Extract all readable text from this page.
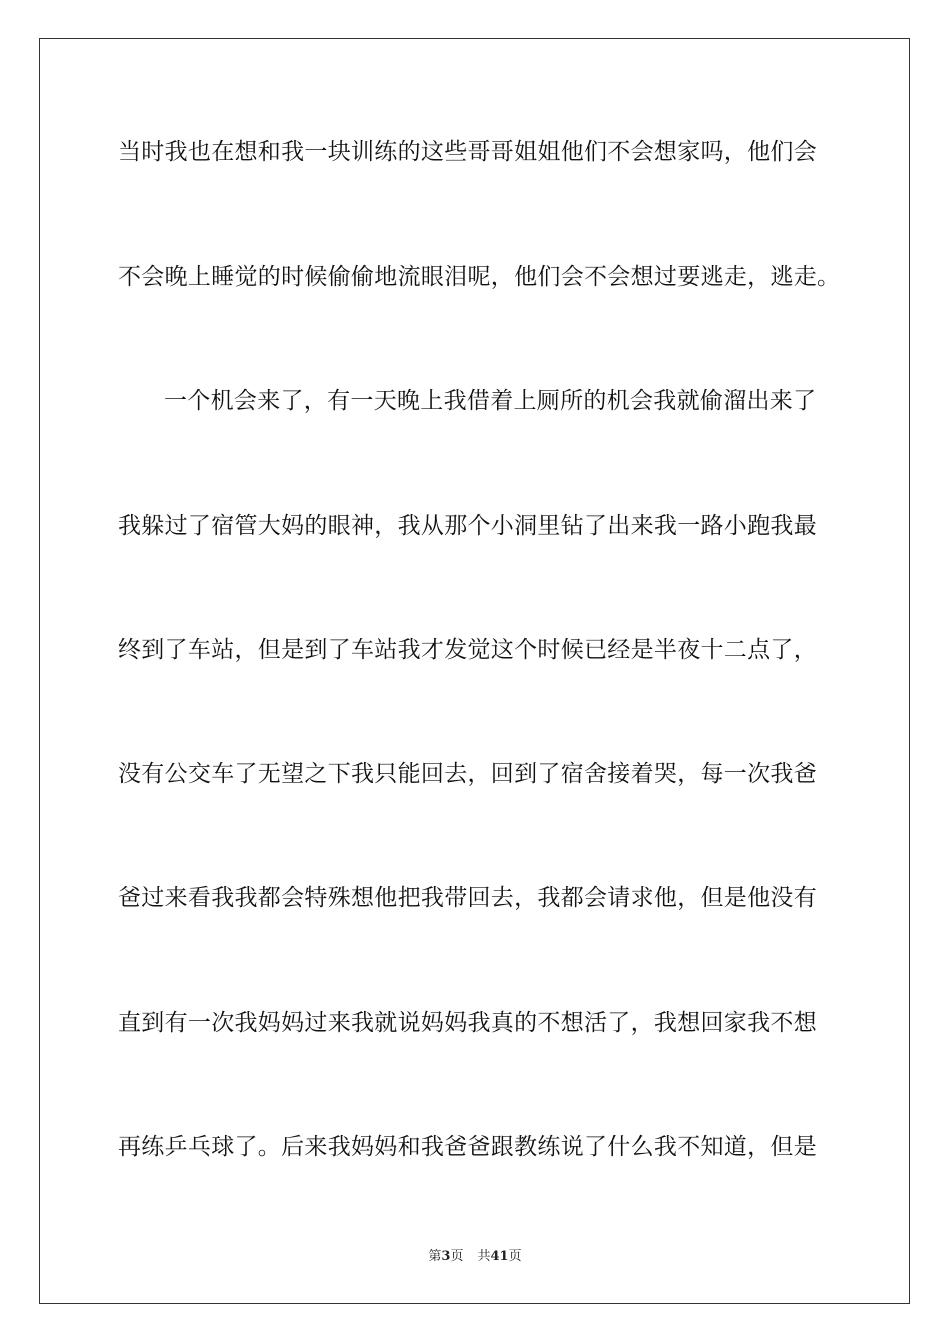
当时我也在想和我一块训练的这些哥哥姐姐他们不会想家吗，他们会
不会晚上睡觉的时候偷偷地流眼泪呢，他们会不会想过要逃走，逃走。
一个机会来了，有一天晚上我借着上厕所的机会我就偷溜出来了
我躲过了宿管大妈的眼神，我从那个小洞里钻了出来我一路小跑我最
终到了车站，但是到了车站我才发觉这个时候已经是半夜十二点了，
没有公交车了无望之下我只能回去，回到了宿舍接着哭，每一次我爸
爸过来看我我都会特殊想他把我带回去，我都会请求他，但是他没有
直到有一次我妈妈过来我就说妈妈我真的不想活了，我想回家我不想
再练乒乓球了。后来我妈妈和我爸爸跟教练说了什么我不知道，但是
第3页 共41页
